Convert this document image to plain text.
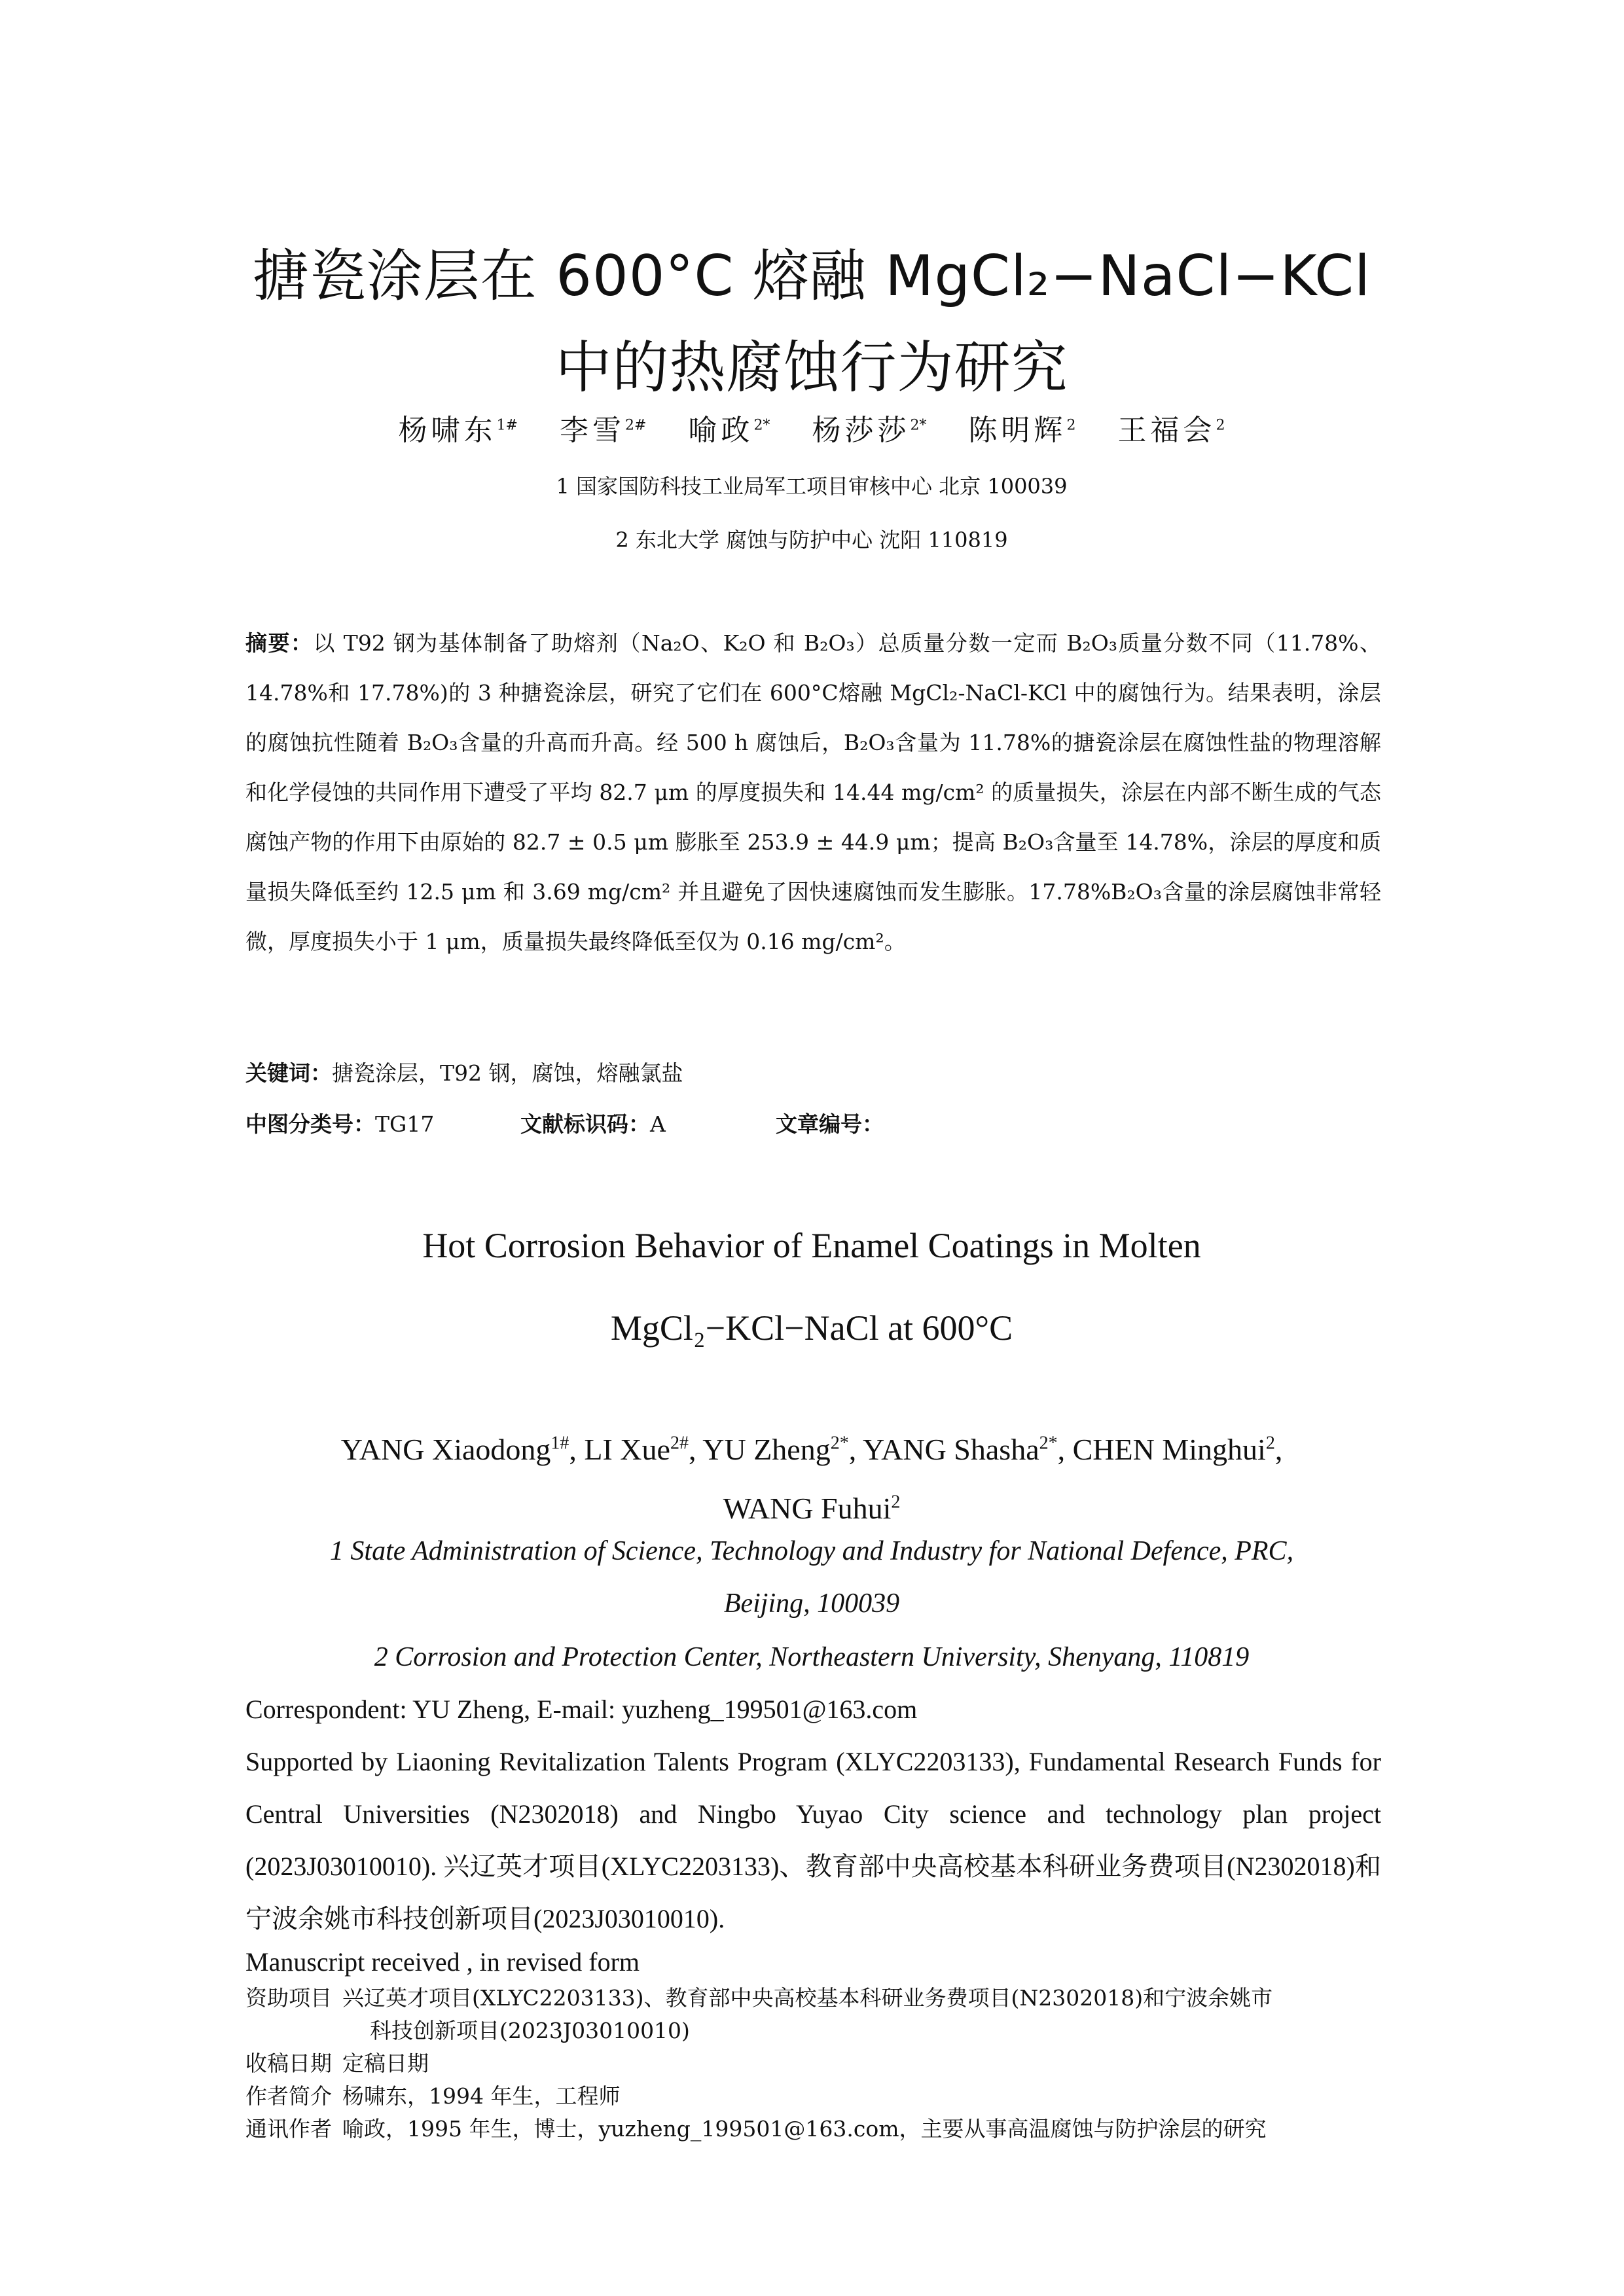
搪瓷涂层在 600°C 熔融 MgCl₂−NaCl−KCl
中的热腐蚀行为研究
杨啸东$^{1\#}$ 李雪$^{2\#}$ 喻政$^{2*}$ 杨莎莎$^{2*}$ 陈明辉$^2$ 王福会$^2$
1 国家国防科技工业局军工项目审核中心 北京 100039
2 东北大学 腐蚀与防护中心 沈阳 110819
摘要：以 T92 钢为基体制备了助熔剂（Na₂O、K₂O 和 B₂O₃）总质量分数一定而 B₂O₃质量分数不同（11.78%、14.78%和 17.78%)的 3 种搪瓷涂层，研究了它们在 600°C熔融 MgCl₂-NaCl-KCl 中的腐蚀行为。结果表明，涂层的腐蚀抗性随着 B₂O₃含量的升高而升高。经 500 h 腐蚀后，B₂O₃含量为 11.78%的搪瓷涂层在腐蚀性盐的物理溶解和化学侵蚀的共同作用下遭受了平均 82.7 μm 的厚度损失和 14.44 mg/cm² 的质量损失，涂层在内部不断生成的气态腐蚀产物的作用下由原始的 82.7 ± 0.5 μm 膨胀至 253.9 ± 44.9 μm；提高 B₂O₃含量至 14.78%，涂层的厚度和质量损失降低至约 12.5 μm 和 3.69 mg/cm² 并且避免了因快速腐蚀而发生膨胀。17.78%B₂O₃含量的涂层腐蚀非常轻微，厚度损失小于 1 μm，质量损失最终降低至仅为 0.16 mg/cm²。
关键词：搪瓷涂层，T92 钢，腐蚀，熔融氯盐
中图分类号：TG17	文献标识码：A	文章编号：
Hot Corrosion Behavior of Enamel Coatings in Molten
MgCl₂−KCl−NaCl at 600°C
YANG Xiaodong$^{1\#}$, LI Xue$^{2\#}$, YU Zheng$^{2*}$, YANG Shasha$^{2*}$, CHEN Minghui$^2$,
WANG Fuhui$^2$
1 State Administration of Science, Technology and Industry for National Defence, PRC,
Beijing, 100039
2 Corrosion and Protection Center, Northeastern University, Shenyang, 110819
Correspondent: YU Zheng, E-mail: yuzheng_199501@163.com
Supported by Liaoning Revitalization Talents Program (XLYC2203133), Fundamental Research Funds for Central Universities (N2302018) and Ningbo Yuyao City science and technology plan project (2023J03010010). 兴辽英才项目(XLYC2203133)、教育部中央高校基本科研业务费项目(N2302018)和宁波余姚市科技创新项目(2023J03010010).
Manuscript received , in revised form
资助项目 兴辽英才项目(XLYC2203133)、教育部中央高校基本科研业务费项目(N2302018)和宁波余姚市
科技创新项目(2023J03010010)
收稿日期 定稿日期
作者简介 杨啸东，1994 年生，工程师
通讯作者 喻政，1995 年生，博士，yuzheng_199501@163.com，主要从事高温腐蚀与防护涂层的研究
